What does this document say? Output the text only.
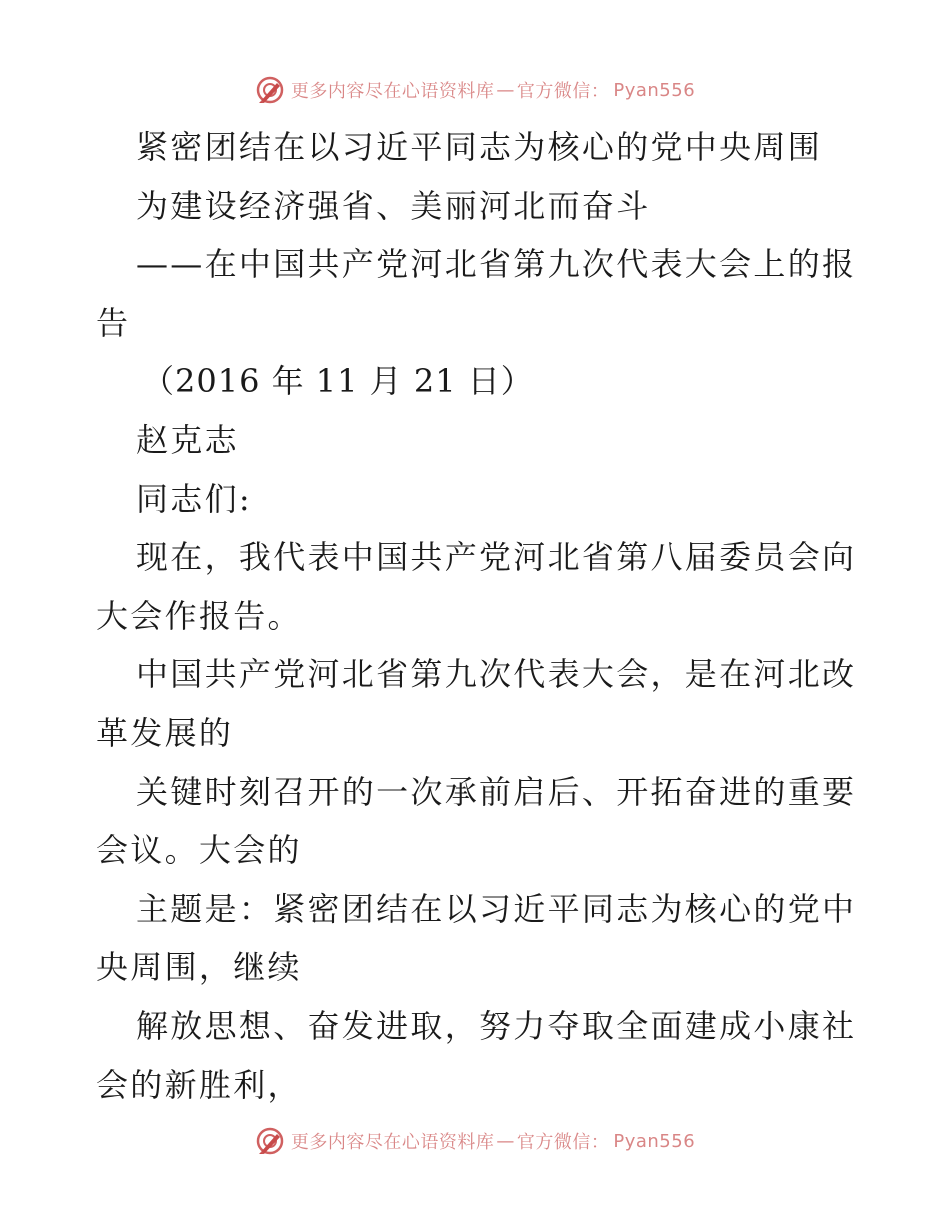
更多内容尽在心语资料库 — 官方微信： Pyan556
紧密团结在以习近平同志为核心的党中央周围
为建设经济强省、美丽河北而奋斗
——在中国共产党河北省第九次代表大会上的报
告
（2016 年 11 月 21 日）
赵克志
同志们:
现在，我代表中国共产党河北省第八届委员会向
大会作报告。
中国共产党河北省第九次代表大会，是在河北改
革发展的
关键时刻召开的一次承前启后、开拓奋进的重要
会议。大会的
主题是：紧密团结在以习近平同志为核心的党中
央周围，继续
解放思想、奋发进取，努力夺取全面建成小康社
会的新胜利，
更多内容尽在心语资料库 — 官方微信： Pyan556
